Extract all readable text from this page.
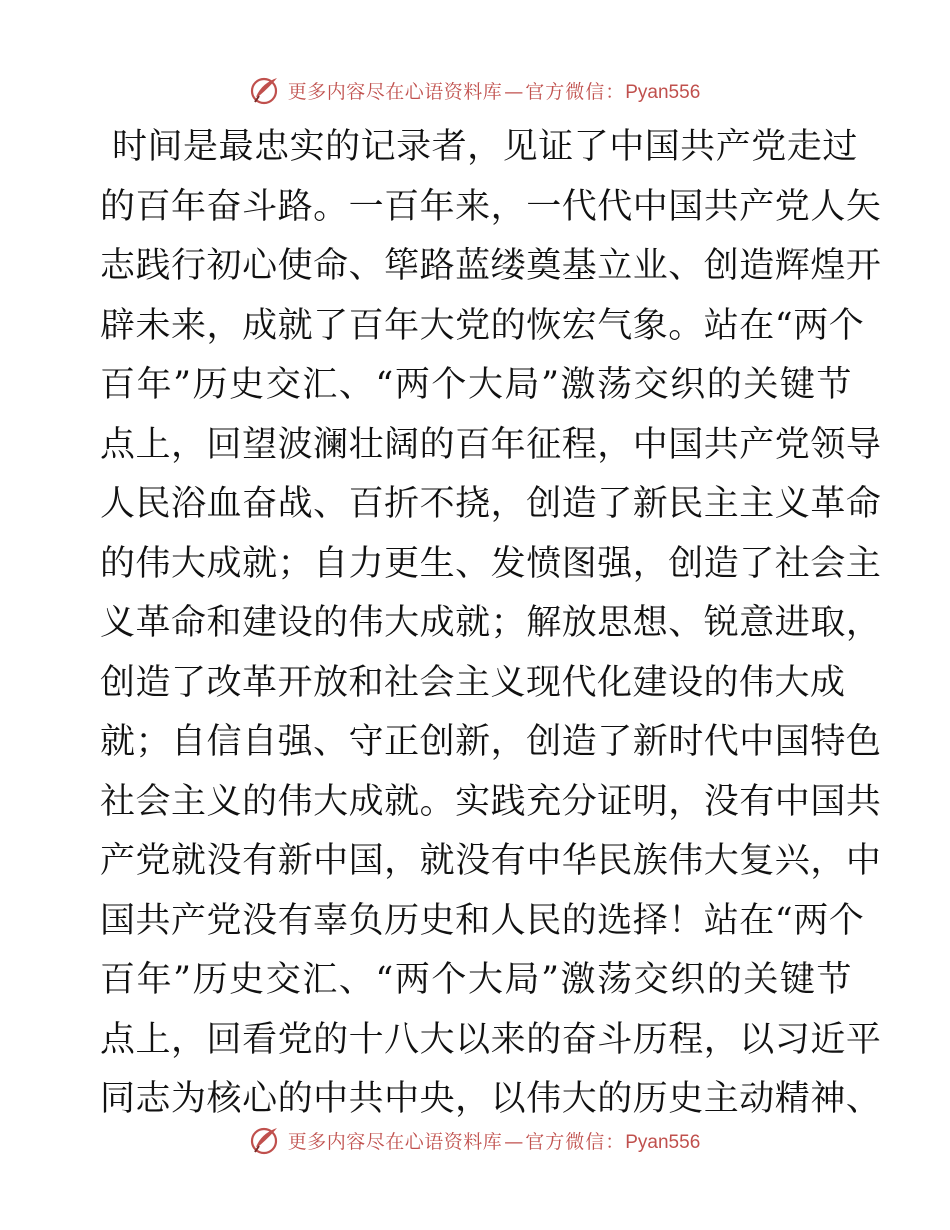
更多内容尽在心语资料库 — 官方微信： Pyan556
时 间 是 最 忠 实 的 记 录 者 ， 见 证 了 中 国 共 产 党 走 过
的 百 年 奋 斗 路 。 一 百 年 来 ， 一 代 代 中 国 共 产 党 人 矢
志 践 行 初 心 使 命 、 筚 路 蓝 缕 奠 基 立 业 、 创 造 辉 煌 开
辟 未 来 ， 成 就 了 百 年 大 党 的 恢 宏 气 象 。 站 在 “ 两 个
百 年 ” 历 史 交 汇 、 “ 两 个 大 局 ” 激 荡 交 织 的 关 键 节
点 上 ， 回 望 波 澜 壮 阔 的 百 年 征 程 ， 中 国 共 产 党 领 导
人 民 浴 血 奋 战 、 百 折 不 挠 ， 创 造 了 新 民 主 主 义 革 命
的 伟 大 成 就 ； 自 力 更 生 、 发 愤 图 强 ， 创 造 了 社 会 主
义 革 命 和 建 设 的 伟 大 成 就 ； 解 放 思 想 、 锐 意 进 取 ，
创造了改革开放和社会主义现代化建设的伟大成
就 ； 自 信 自 强 、 守 正 创 新 ， 创 造 了 新 时 代 中 国 特 色
社 会 主 义 的 伟 大 成 就 。 实 践 充 分 证 明 ， 没 有 中 国 共
产 党 就 没 有 新 中 国 ， 就 没 有 中 华 民 族 伟 大 复 兴 ， 中
国 共 产 党 没 有 辜 负 历 史 和 人 民 的 选 择 ！ 站 在 “ 两 个
百 年 ” 历 史 交 汇 、 “ 两 个 大 局 ” 激 荡 交 织 的 关 键 节
点 上 ， 回 看 党 的 十 八 大 以 来 的 奋 斗 历 程 ， 以 习 近 平
同 志 为 核 心 的 中 共 中 央 ， 以 伟 大 的 历 史 主 动 精 神 、
更多内容尽在心语资料库 — 官方微信： Pyan556
